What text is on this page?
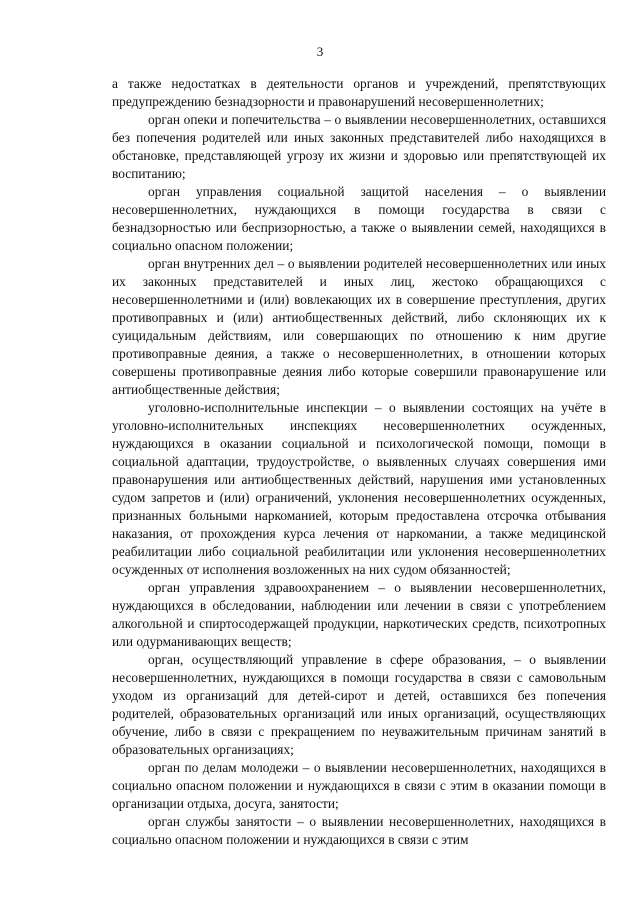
3

а также недостатках в деятельности органов и учреждений, препятствующих предупреждению безнадзорности и правонарушений несовершеннолетних;

орган опеки и попечительства – о выявлении несовершеннолетних, оставшихся без попечения родителей или иных законных представителей либо находящихся в обстановке, представляющей угрозу их жизни и здоровью или препятствующей их воспитанию;

орган управления социальной защитой населения – о выявлении несовершеннолетних, нуждающихся в помощи государства в связи с безнадзорностью или беспризорностью, а также о выявлении семей, находящихся в социально опасном положении;

орган внутренних дел – о выявлении родителей несовершеннолетних или иных их законных представителей и иных лиц, жестоко обращающихся с несовершеннолетними и (или) вовлекающих их в совершение преступления, других противоправных и (или) антиобщественных действий, либо склоняющих их к суицидальным действиям, или совершающих по отношению к ним другие противоправные деяния, а также о несовершеннолетних, в отношении которых совершены противоправные деяния либо которые совершили правонарушение или антиобщественные действия;

уголовно-исполнительные инспекции – о выявлении состоящих на учёте в уголовно-исполнительных инспекциях несовершеннолетних осужденных, нуждающихся в оказании социальной и психологической помощи, помощи в социальной адаптации, трудоустройстве, о выявленных случаях совершения ими правонарушения или антиобщественных действий, нарушения ими установленных судом запретов и (или) ограничений, уклонения несовершеннолетних осужденных, признанных больными наркоманией, которым предоставлена отсрочка отбывания наказания, от прохождения курса лечения от наркомании, а также медицинской реабилитации либо социальной реабилитации или уклонения несовершеннолетних осужденных от исполнения возложенных на них судом обязанностей;

орган управления здравоохранением – о выявлении несовершеннолетних, нуждающихся в обследовании, наблюдении или лечении в связи с употреблением алкогольной и спиртосодержащей продукции, наркотических средств, психотропных или одурманивающих веществ;

орган, осуществляющий управление в сфере образования, – о выявлении несовершеннолетних, нуждающихся в помощи государства в связи с самовольным уходом из организаций для детей-сирот и детей, оставшихся без попечения родителей, образовательных организаций или иных организаций, осуществляющих обучение, либо в связи с прекращением по неуважительным причинам занятий в образовательных организациях;

орган по делам молодежи – о выявлении несовершеннолетних, находящихся в социально опасном положении и нуждающихся в связи с этим в оказании помощи в организации отдыха, досуга, занятости;

орган службы занятости – о выявлении несовершеннолетних, находящихся в социально опасном положении и нуждающихся в связи с этим
